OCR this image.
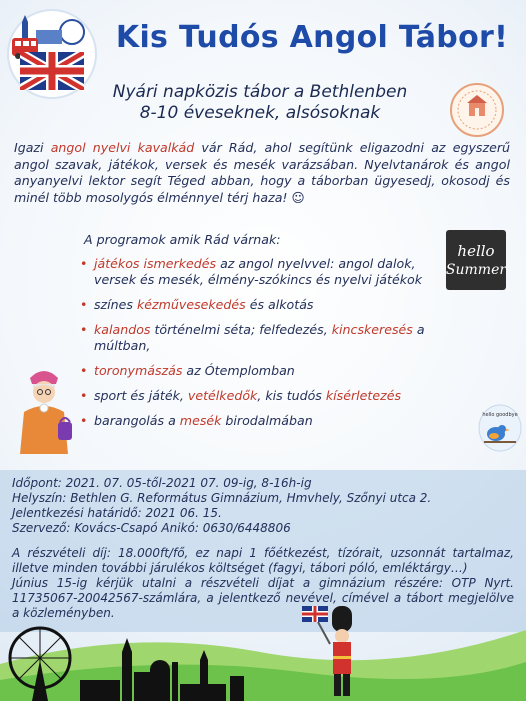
Kis Tudós Angol Tábor!
Nyári napközis tábor a Bethlenben
8-10 éveseknek, alsósoknak
Igazi angol nyelvi kavalkád vár Rád, ahol segítünk eligazodni az egyszerű angol szavak, játékok, versek és mesék varázsában. Nyelvtanárok és angol anyanyelvi lektor segít Téged abban, hogy a táborban ügyesedj, okosodj és minél több mosolygós élménnyel térj haza! ☺
A programok amik Rád várnak:
hello
Summer
• játékos ismerkedés az angol nyelvvel: angol dalok, versek és mesék, élmény-szókincs és nyelvi játékok
• színes kézművesekedés és alkotás
• kalandos történelmi séta; felfedezés, kincskeresés a múltban,
• toronymászás az Ótemplomban
• sport és játék, vetélkedők, kis tudós kísérletezés
• barangolás a mesék birodalmában	hello goodbye

Időpont: 2021. 07. 05-től-2021 07. 09-ig, 8-16h-ig

Helyszín: Bethlen G. Református Gimnázium, Hmvhely, Szőnyi utca 2.

Jelentkezési határidő: 2021 06. 15.

Szervező: Kovács-Csapó Anikó: 0630/6448806

A részvételi díj: 18.000ft/fő, ez napi 1 főétkezést, tízórait, uzsonnát tartalmaz, illetve minden további járulékos költséget (fagyi, tábori póló, emléktárgy…)

Június 15-ig kérjük utalni a részvételi díjat a gimnázium részére: OTP Nyrt. 11735067-20042567-számlára, a jelentkező nevével, címével a tábort megjelölve a közleményben.
